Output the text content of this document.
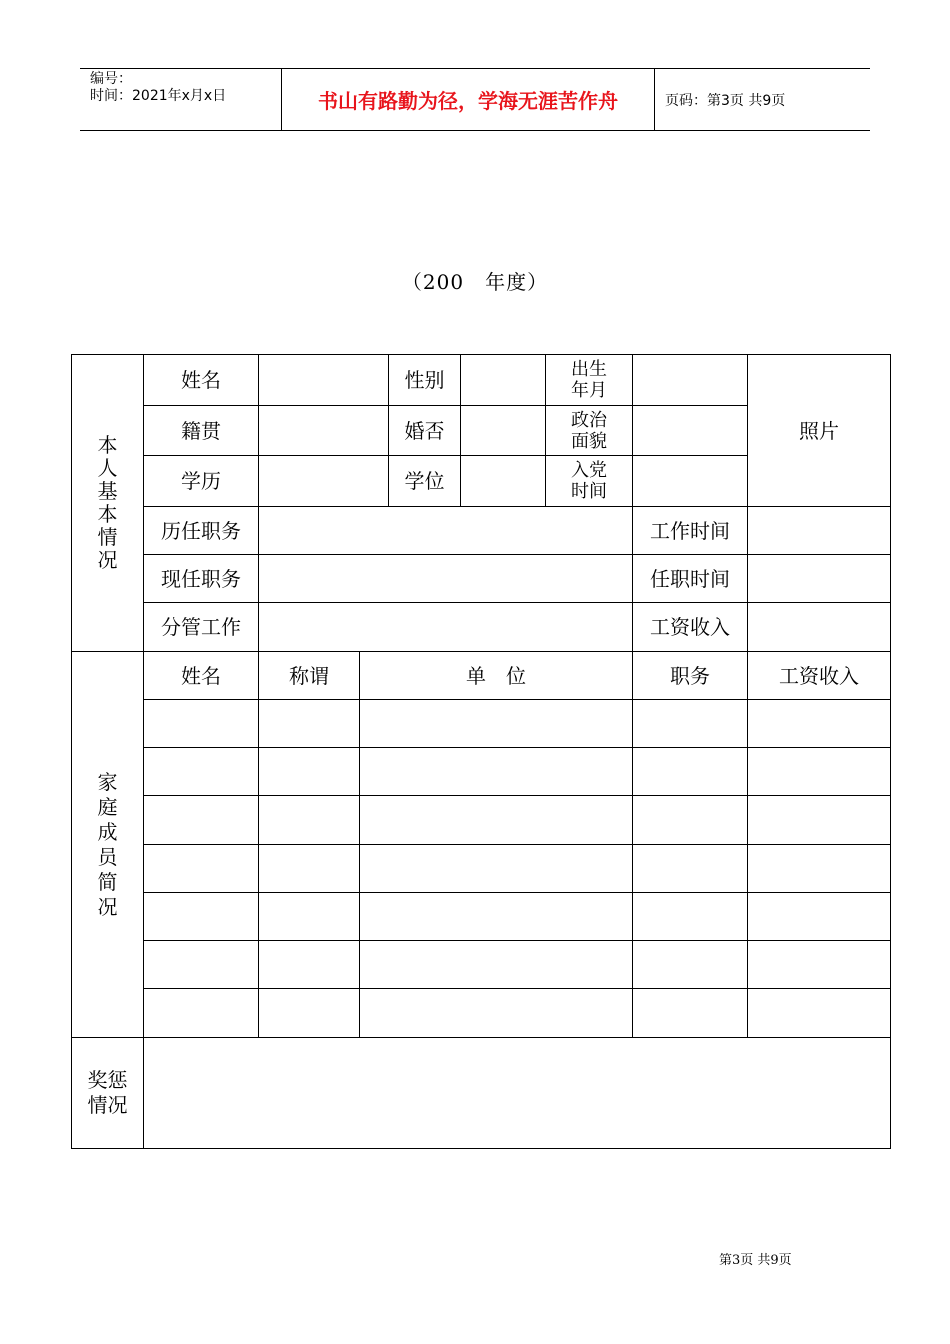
编号：
时间：2021年x月x日	书山有路勤为径，学海无涯苦作舟	页码：第3页 共9页
（200　年度）
本人基本情况
姓名	性别	出生年月
照片
籍贯	婚否	政治面貌
学历	学位	入党时间
历任职务	工作时间
现任职务	任职时间
分管工作	工资收入
家庭成员简况
姓名	称谓	单　位	职务	工资收入
奖惩情况
第3页 共9页
